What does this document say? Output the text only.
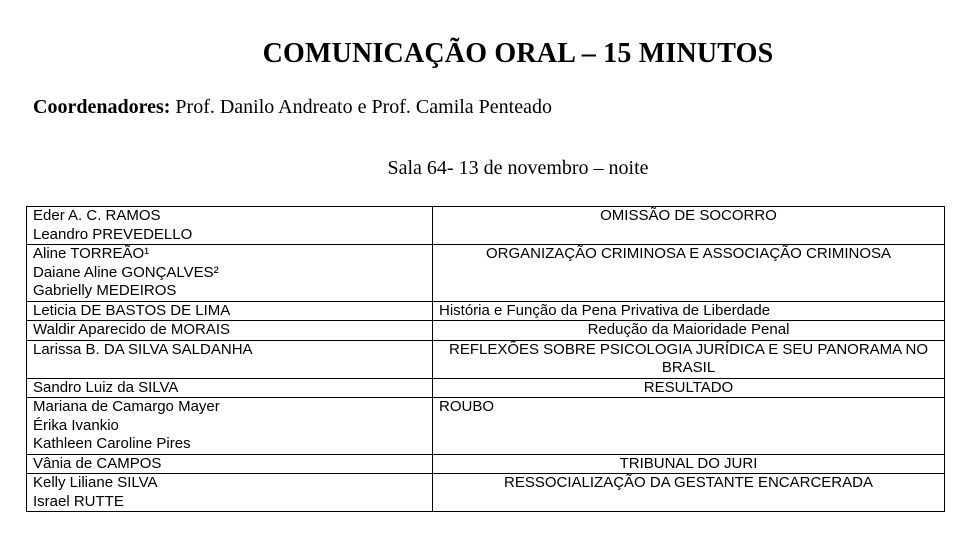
COMUNICAÇÃO ORAL – 15 MINUTOS
Coordenadores: Prof. Danilo Andreato e Prof. Camila Penteado
Sala 64- 13 de novembro – noite
Eder A. C. RAMOS
Leandro PREVEDELLO	OMISSÃO DE SOCORRO

Aline TORREÃO¹
Daiane Aline GONÇALVES²
Gabrielly MEDEIROS	ORGANIZAÇÃO CRIMINOSA E ASSOCIAÇÃO CRIMINOSA

Leticia DE BASTOS DE LIMA	História e Função da Pena Privativa de Liberdade

Waldir Aparecido de MORAIS	Redução da Maioridade Penal

Larissa B. DA SILVA SALDANHA	REFLEXÕES SOBRE PSICOLOGIA JURÍDICA E SEU PANORAMA NO BRASIL

Sandro Luiz da SILVA	RESULTADO

Mariana de Camargo Mayer
Érika Ivankio
Kathleen Caroline Pires	ROUBO

Vânia de CAMPOS	TRIBUNAL DO JURI

Kelly Liliane SILVA
Israel RUTTE	RESSOCIALIZAÇÃO DA GESTANTE ENCARCERADA
